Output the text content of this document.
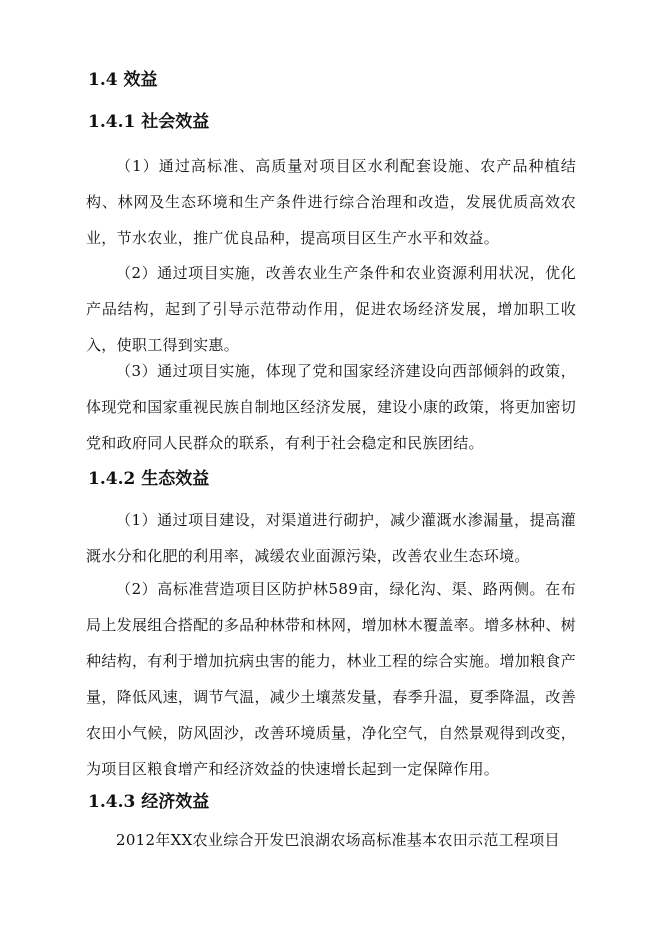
1.4 效益
1.4.1 社会效益

（1）通过高标准、高质量对项目区水利配套设施、农产品种植结构、林网及生态环境和生产条件进行综合治理和改造，发展优质高效农业，节水农业，推广优良品种，提高项目区生产水平和效益。

（2）通过项目实施，改善农业生产条件和农业资源利用状况，优化产品结构，起到了引导示范带动作用，促进农场经济发展，增加职工收入，使职工得到实惠。

（3）通过项目实施，体现了党和国家经济建设向西部倾斜的政策，体现党和国家重视民族自制地区经济发展，建设小康的政策，将更加密切党和政府同人民群众的联系，有利于社会稳定和民族团结。

1.4.2 生态效益

（1）通过项目建设，对渠道进行砌护，减少灌溉水渗漏量，提高灌溉水分和化肥的利用率，减缓农业面源污染，改善农业生态环境。

（2）高标准营造项目区防护林589亩，绿化沟、渠、路两侧。在布局上发展组合搭配的多品种林带和林网，增加林木覆盖率。增多林种、树种结构，有利于增加抗病虫害的能力，林业工程的综合实施。增加粮食产量，降低风速，调节气温，减少土壤蒸发量，春季升温，夏季降温，改善农田小气候，防风固沙，改善环境质量，净化空气，自然景观得到改变，为项目区粮食增产和经济效益的快速增长起到一定保障作用。

1.4.3 经济效益

2012年XX农业综合开发巴浪湖农场高标准基本农田示范工程项目
